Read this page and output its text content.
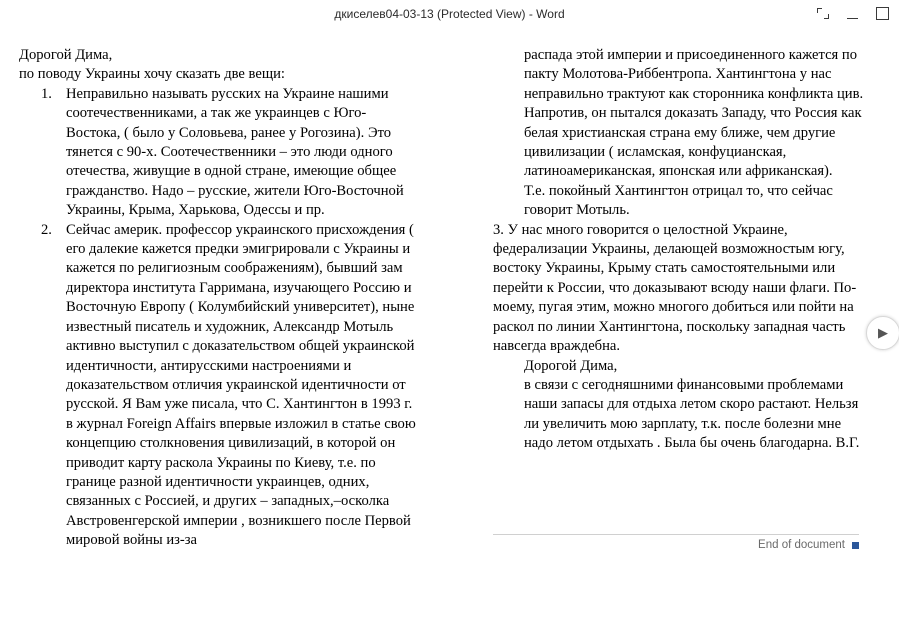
дкиселев04-03-13 (Protected View) - Word

Дорогой Дима,

по поводу Украины хочу сказать две вещи:

1. Неправильно называть русских на Украине нашими соотечественниками, а так же украинцев с Юго-Востока, ( было у Соловьева, ранее у Рогозина). Это тянется с 90-х. Соотечественники – это люди одного отечества, живущие в одной стране, имеющие общее гражданство. Надо – русские, жители Юго-Восточной Украины, Крыма, Харькова, Одессы и пр.
2. Сейчас америк. профессор украинского присхождения ( его далекие кажется предки эмигрировали с Украины и кажется по религиозным соображениям), бывший зам директора института Гарримана, изучающего Россию и Восточную Европу ( Колумбийский университет), ныне известный писатель и художник, Александр Мотыль активно выступил с доказательством общей украинской идентичности, антирусскими настроениями и доказательством отличия украинской идентичности от русской. Я Вам уже писала, что С. Хантингтон в 1993 г. в журнал Foreign Affairs впервые изложил в статье свою концепцию столкновения цивилизаций, в которой он приводит карту раскола Украины по Киеву, т.е. по границе разной идентичности украинцев, одних, связанных с Россией, и других – западных,–осколка Австровенгерской империи , возникшего после Первой мировой войны из-за

распада этой империи и присоединенного кажется по пакту Молотова-Риббентропа. Хантингтона у нас неправильно трактуют как сторонника конфликта цив. Напротив, он пытался доказать Западу, что Россия как белая христианская страна ему ближе, чем другие цивилизации ( исламская, конфуцианская, латиноамериканская, японская или африканская).

Т.е. покойный Хантингтон отрицал то, что сейчас говорит Мотыль.

3. У нас много говорится о целостной Украинe, федерализации Украины, делающей возможностым югу, востоку Украины, Крыму стать самостоятельными или перейти к России, что доказывают всюду наши флаги. По-моему, пугая этим, можно многого добиться или пойти на раскол по линии Хантингтона, поскольку западная часть навсегда враждебна.

Дорогой Дима,

в связи с сегодняшними финансовыми проблемами наши запасы для отдыха летом скоро растают. Нельзя ли увеличить мою зарплату, т.к. после болезни мне надо летом отдыхать . Была бы очень благодарна. В.Г.

End of document
▶
